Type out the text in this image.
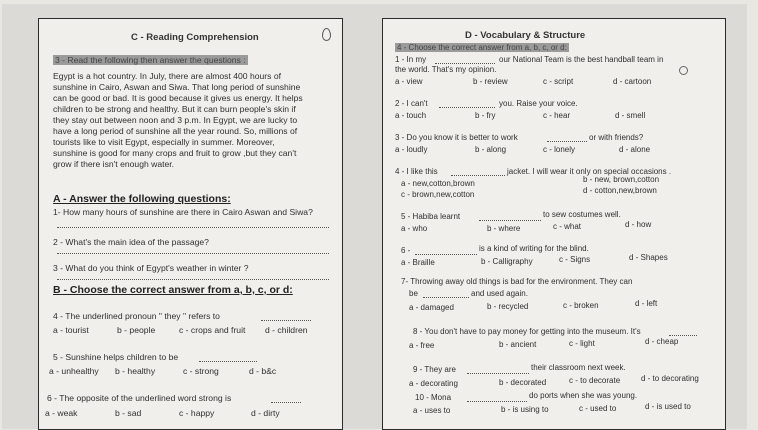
C - Reading Comprehension
3 - Read the following then answer the questions :
Egypt is a hot country. In July, there are almost 400 hours of
sunshine in Cairo, Aswan and Siwa. That long period of sunshine
can be good or bad. It is good because it gives us energy. It helps
children to be strong and healthy. But it can burn people's skin if
they stay out between noon and 3 p.m. In Egypt, we are lucky to
have a long period of sunshine all the year round. So, millions of
tourists like to visit Egypt, especially in summer. Moreover,
sunshine is good for many crops and fruit to grow ,but they can't
grow if there isn't enough water.
A - Answer the following questions:
1- How many hours of sunshine are there in Cairo Aswan and Siwa?
2 - What's the main idea of the passage?
3 - What do you think of Egypt's weather in winter ?
B - Choose the correct answer from a, b, c, or d:
4 - The underlined pronoun " they " refers to
a - tourist	b - people	c - crops and fruit d - children
5 - Sunshine helps children to be
a - unhealthy b - healthy	c - strong	d - b&c
6 - The opposite of the underlined word strong is
a - weak	b - sad	c - happy	d - dirty
D - Vocabulary & Structure
4 - Choose the correct answer from a, b, c, or d:
1 - In my	our National Team is the best handball team in
the world. That's my opinion.
a - view	b - review	c - script	d - cartoon
2 - I can't	you. Raise your voice.
a - touch	b - fry	c - hear	d - smell
3 - Do you know it is better to work	or with friends?
a - loudly	b - along	c - lonely	d - alone
4 - I like this	jacket. I will wear it only on special occasions .
a - new,cotton,brown	b - new, brown,cotton
c - brown,new,cotton	d - cotton,new,brown
5 - Habiba learnt	to sew costumes well.
a - who	b - where	c - what	d - how
6 -	is a kind of writing for the blind.
a - Braille	b - Calligraphy	c - Signs	d - Shapes
7- Throwing away old things is bad for the environment. They can
be	and used again.
a - damaged	b - recycled	c - broken	d - left
8 - You don't have to pay money for getting into the museum. It's
a - free	b - ancient	c - light	d - cheap
9 - They are	their classroom next week.
a - decorating	b - decorated	c - to decorate	d - to decorating
10 - Mona	do ports when she was young.
a - uses to	b - is using to	c - used to	d - is used to
